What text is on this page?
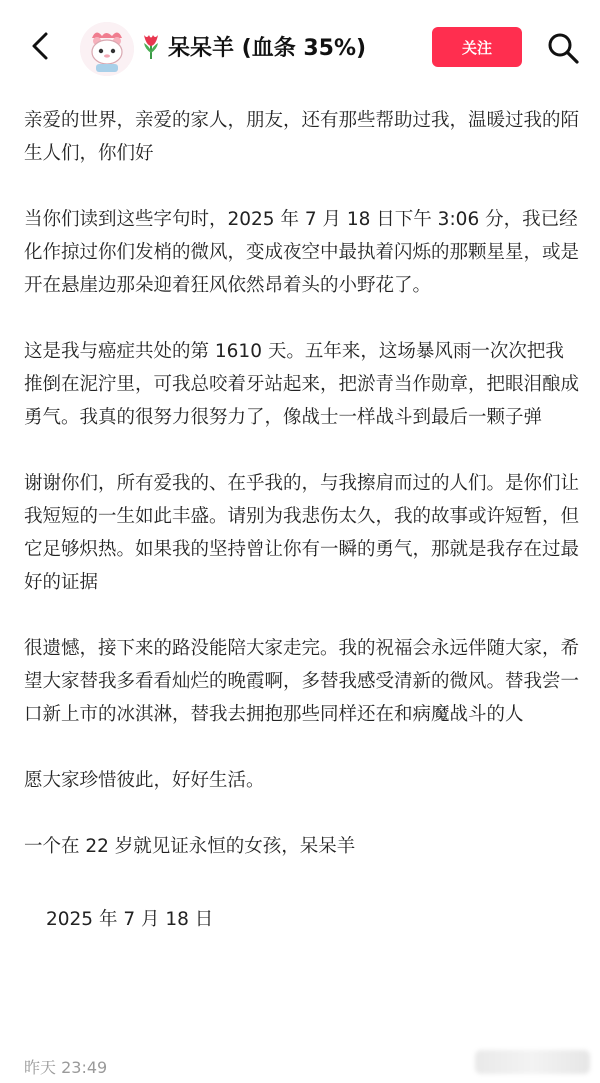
呆呆羊 (血条 35%)	关注

亲爱的世界，亲爱的家人，朋友，还有那些帮助过我，温暖过我的陌生人们，你们好

当你们读到这些字句时，2025 年 7 月 18 日下午 3:06 分，我已经化作掠过你们发梢的微风，变成夜空中最执着闪烁的那颗星星，或是开在悬崖边那朵迎着狂风依然昂着头的小野花了。

这是我与癌症共处的第 1610 天。五年来，这场暴风雨一次次把我推倒在泥泞里，可我总咬着牙站起来，把淤青当作勋章，把眼泪酿成勇气。我真的很努力很努力了，像战士一样战斗到最后一颗子弹

谢谢你们，所有爱我的、在乎我的，与我擦肩而过的人们。是你们让我短短的一生如此丰盛。请别为我悲伤太久，我的故事或许短暂，但它足够炽热。如果我的坚持曾让你有一瞬的勇气，那就是我存在过最好的证据

很遗憾，接下来的路没能陪大家走完。我的祝福会永远伴随大家，希望大家替我多看看灿烂的晚霞啊，多替我感受清新的微风。替我尝一口新上市的冰淇淋，替我去拥抱那些同样还在和病魔战斗的人

愿大家珍惜彼此，好好生活。

一个在 22 岁就见证永恒的女孩，呆呆羊

2025 年 7 月 18 日

昨天 23:49
